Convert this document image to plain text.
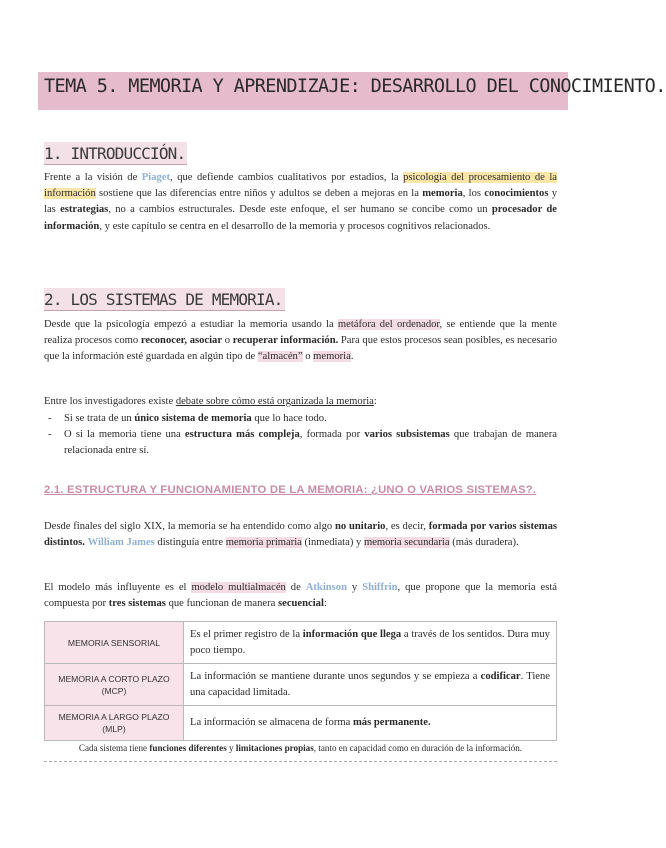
TEMA 5. MEMORIA Y APRENDIZAJE: DESARROLLO DEL CONOCIMIENTO.
1. INTRODUCCIÓN.

Frente a la visión de Piaget, que defiende cambios cualitativos por estadios, la psicología del procesamiento de la información sostiene que las diferencias entre niños y adultos se deben a mejoras en la memoria, los conocimientos y las estrategias, no a cambios estructurales. Desde este enfoque, el ser humano se concibe como un procesador de información, y este capítulo se centra en el desarrollo de la memoria y procesos cognitivos relacionados.

2. LOS SISTEMAS DE MEMORIA.

Desde que la psicología empezó a estudiar la memoria usando la metáfora del ordenador, se entiende que la mente realiza procesos como reconocer, asociar o recuperar información. Para que estos procesos sean posibles, es necesario que la información esté guardada en algún tipo de “almacén” o memoria.

Entre los investigadores existe debate sobre cómo está organizada la memoria:

- Si se trata de un único sistema de memoria que lo hace todo.
- O si la memoria tiene una estructura más compleja, formada por varios subsistemas que trabajan de manera relacionada entre sí.
2.1. ESTRUCTURA Y FUNCIONAMIENTO DE LA MEMORIA: ¿UNO O VARIOS SISTEMAS?.

Desde finales del siglo XIX, la memoria se ha entendido como algo no unitario, es decir, formada por varios sistemas distintos. William James distinguía entre memoria primaria (inmediata) y memoria secundaria (más duradera).

El modelo más influyente es el modelo multialmacén de Atkinson y Shiffrin, que propone que la memoria está compuesta por tres sistemas que funcionan de manera secuencial:

MEMORIA SENSORIAL	Es el primer registro de la información que llega a través de los sentidos. Dura muy poco tiempo.
MEMORIA A CORTO PLAZO (MCP)	La información se mantiene durante unos segundos y se empieza a codificar. Tiene una capacidad limitada.
MEMORIA A LARGO PLAZO (MLP)	La información se almacena de forma más permanente.
Cada sistema tiene funciones diferentes y limitaciones propias, tanto en capacidad como en duración de la información.
